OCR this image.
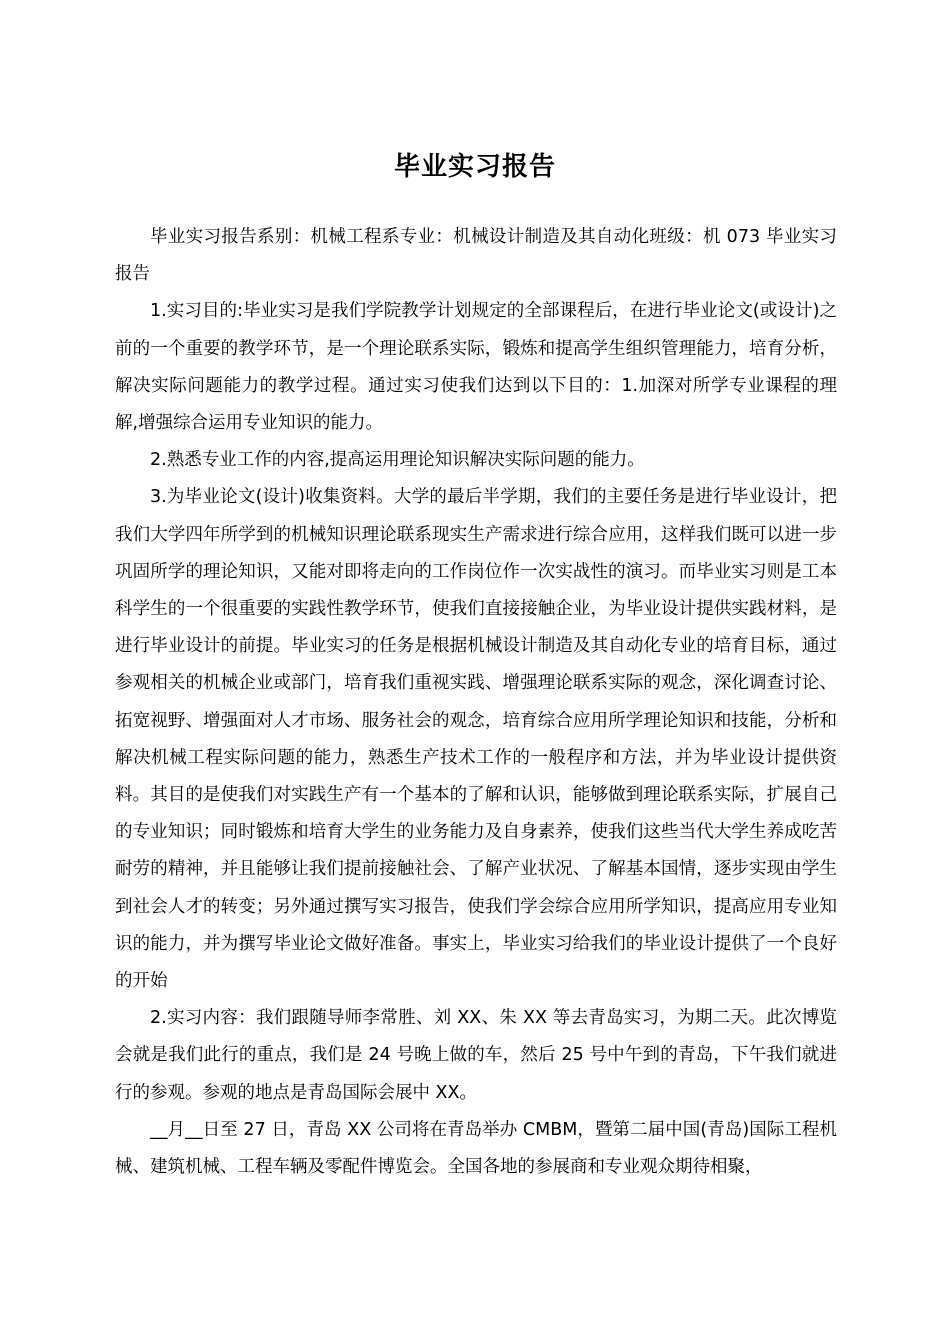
毕业实习报告

毕业实习报告系别：机械工程系专业：机械设计制造及其自动化班级：机 073 毕业实习报告

1.实习目的:毕业实习是我们学院教学计划规定的全部课程后，在进行毕业论文(或设计)之前的一个重要的教学环节，是一个理论联系实际，锻炼和提高学生组织管理能力，培育分析，解决实际问题能力的教学过程。通过实习使我们达到以下目的：1.加深对所学专业课程的理解,增强综合运用专业知识的能力。

2.熟悉专业工作的内容,提高运用理论知识解决实际问题的能力。

3.为毕业论文(设计)收集资料。大学的最后半学期，我们的主要任务是进行毕业设计，把我们大学四年所学到的机械知识理论联系现实生产需求进行综合应用，这样我们既可以进一步巩固所学的理论知识，又能对即将走向的工作岗位作一次实战性的演习。而毕业实习则是工本科学生的一个很重要的实践性教学环节，使我们直接接触企业，为毕业设计提供实践材料，是进行毕业设计的前提。毕业实习的任务是根据机械设计制造及其自动化专业的培育目标，通过参观相关的机械企业或部门，培育我们重视实践、增强理论联系实际的观念，深化调查讨论、拓宽视野、增强面对人才市场、服务社会的观念，培育综合应用所学理论知识和技能，分析和解决机械工程实际问题的能力，熟悉生产技术工作的一般程序和方法，并为毕业设计提供资料。其目的是使我们对实践生产有一个基本的了解和认识，能够做到理论联系实际，扩展自己的专业知识；同时锻炼和培育大学生的业务能力及自身素养，使我们这些当代大学生养成吃苦耐劳的精神，并且能够让我们提前接触社会、了解产业状况、了解基本国情，逐步实现由学生到社会人才的转变；另外通过撰写实习报告，使我们学会综合应用所学知识，提高应用专业知识的能力，并为撰写毕业论文做好准备。事实上，毕业实习给我们的毕业设计提供了一个良好的开始

2.实习内容：我们跟随导师李常胜、刘 XX、朱 XX 等去青岛实习，为期二天。此次博览会就是我们此行的重点，我们是 24 号晚上做的车，然后 25 号中午到的青岛，下午我们就进行的参观。参观的地点是青岛国际会展中 XX。

__月__日至 27 日，青岛 XX 公司将在青岛举办 CMBM，暨第二届中国(青岛)国际工程机械、建筑机械、工程车辆及零配件博览会。全国各地的参展商和专业观众期待相聚，
